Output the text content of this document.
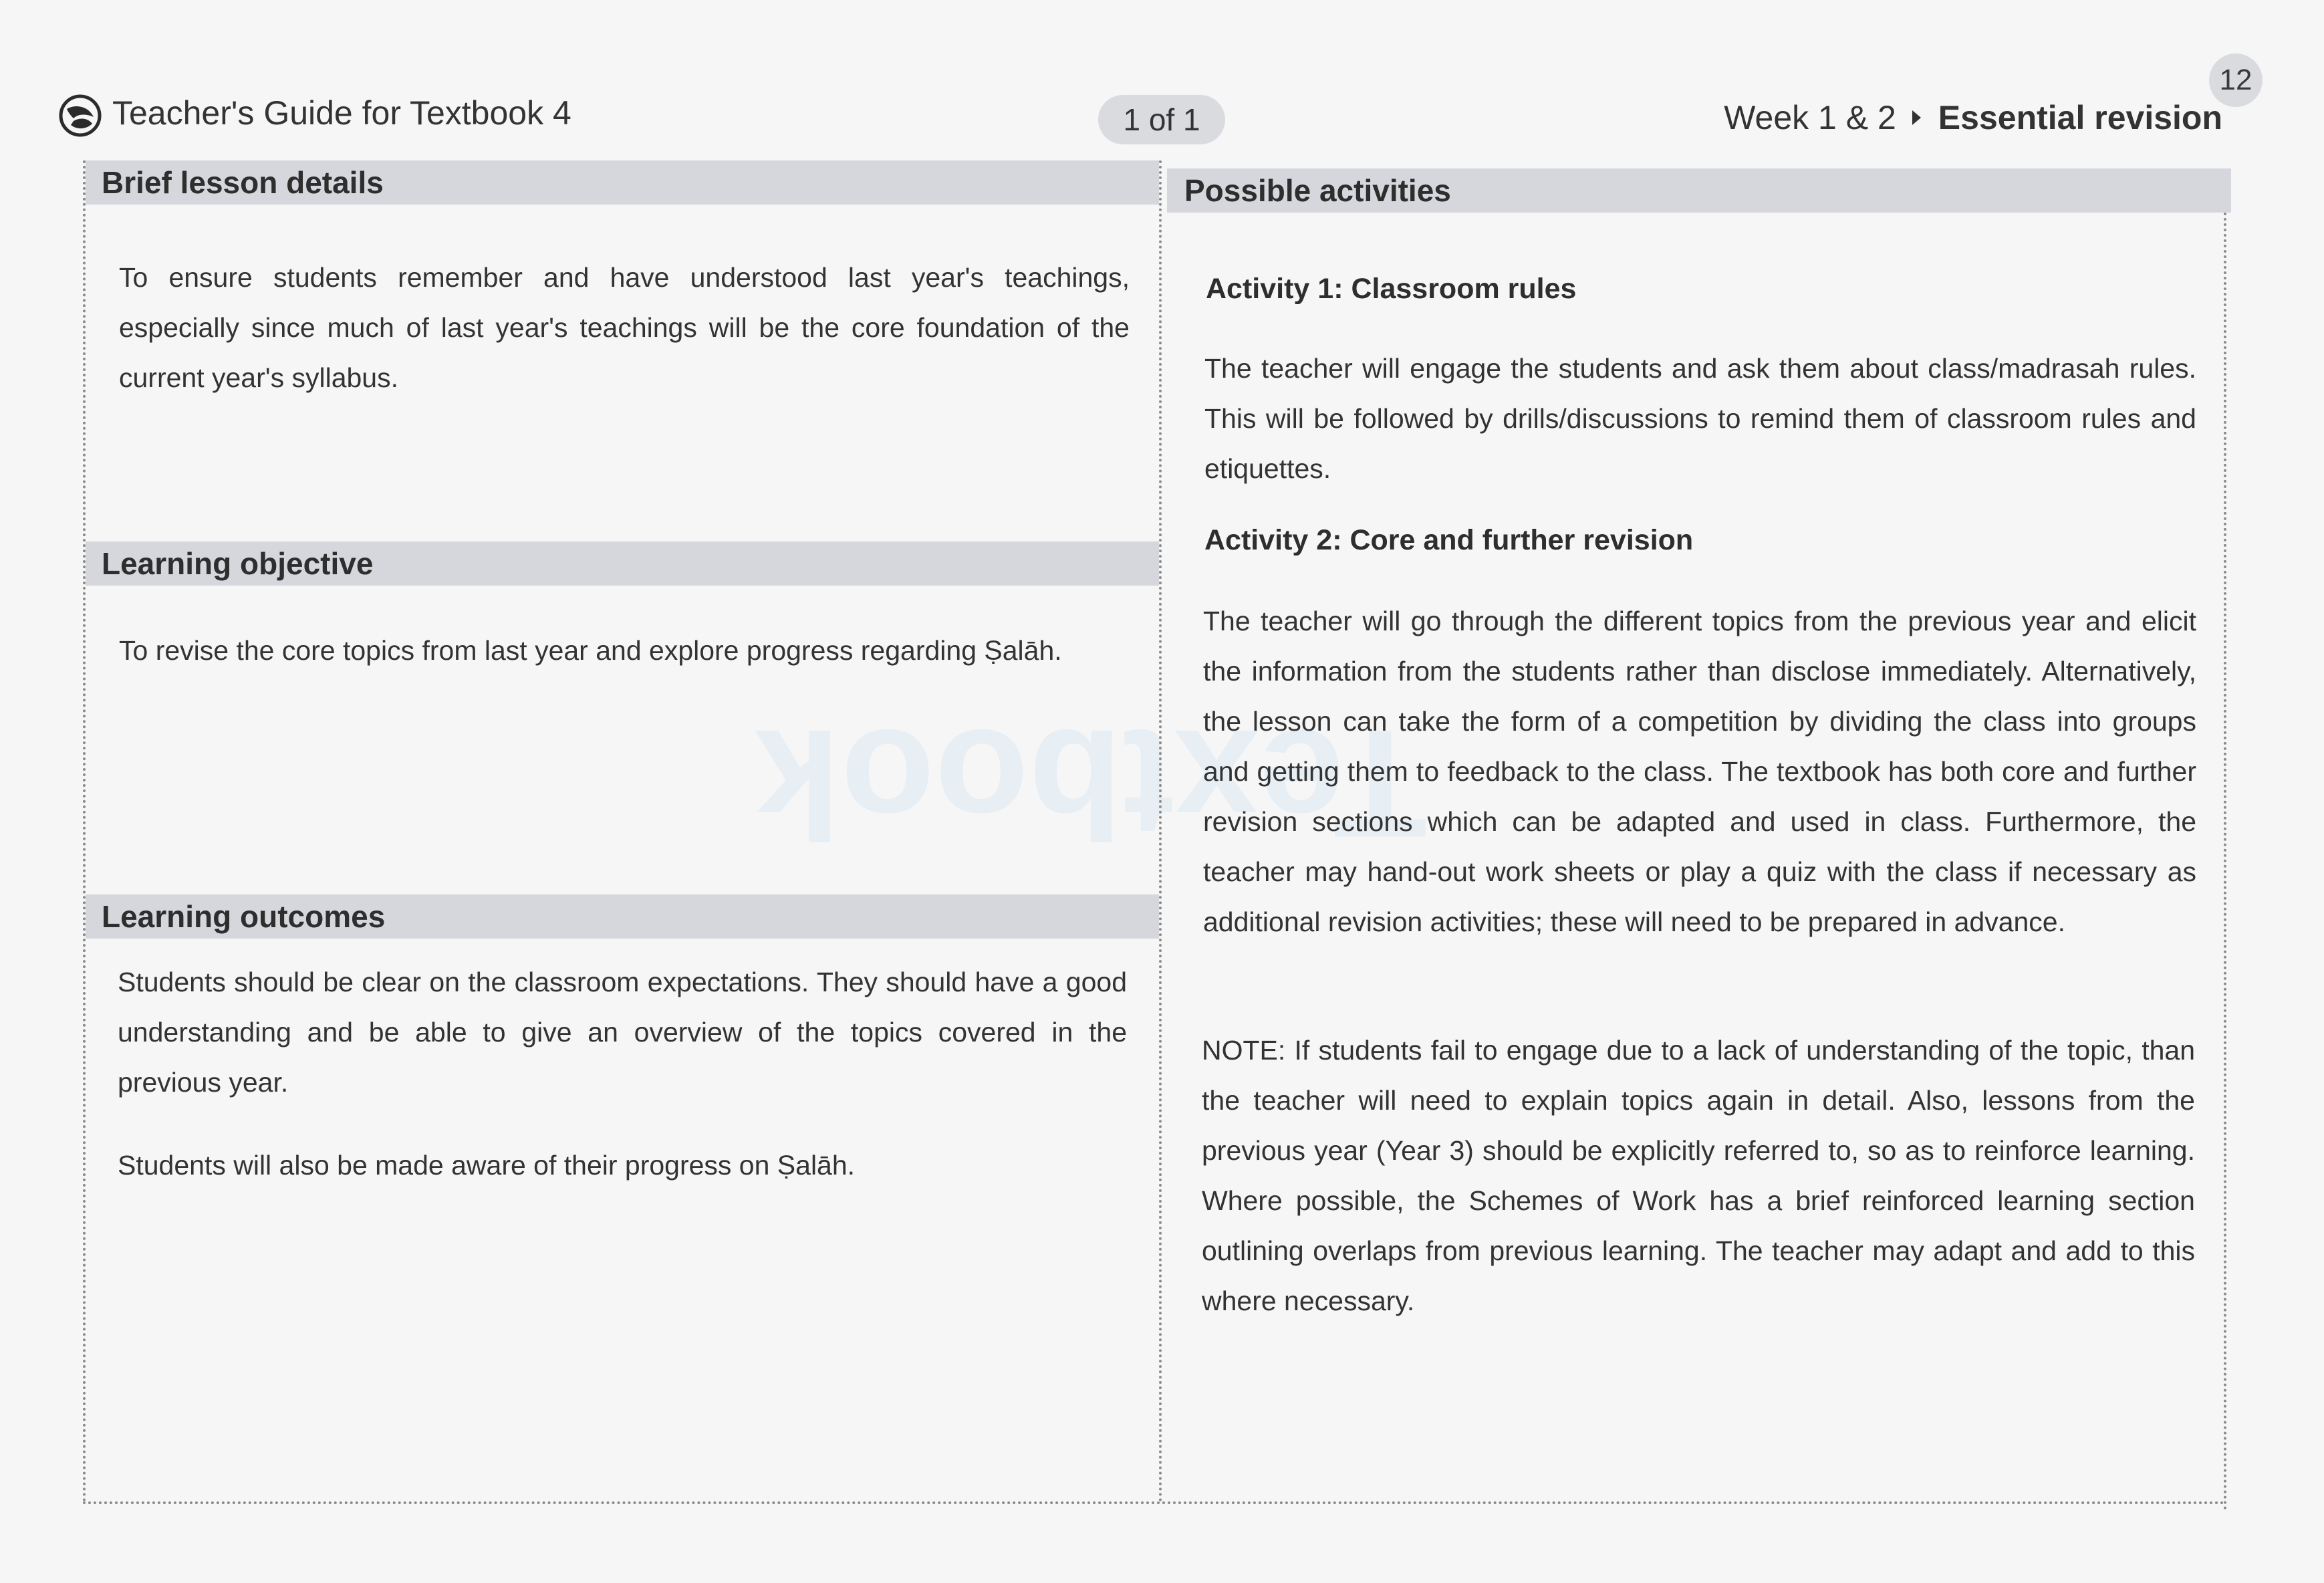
Textbook
12
Teacher's Guide for Textbook 4	1 of 1	Week 1 & 2 Essential revision
Brief lesson details

To ensure students remember and have understood last year's teachings, especially since much of last year's teachings will be the core foundation of the current year's syllabus.

Learning objective

To revise the core topics from last year and explore progress regarding Ṣalāh.

Learning outcomes

Students should be clear on the classroom expectations. They should have a good understanding and be able to give an overview of the topics covered in the previous year.

Students will also be made aware of their progress on Ṣalāh.

Possible activities

Activity 1: Classroom rules

The teacher will engage the students and ask them about class/madrasah rules. This will be followed by drills/discussions to remind them of classroom rules and etiquettes.

Activity 2: Core and further revision

The teacher will go through the different topics from the previous year and elicit the information from the students rather than disclose immediately. Alternatively, the lesson can take the form of a competition by dividing the class into groups and getting them to feedback to the class. The textbook has both core and further revision sections which can be adapted and used in class. Furthermore, the teacher may hand-out work sheets or play a quiz with the class if necessary as additional revision activities; these will need to be prepared in advance.

NOTE: If students fail to engage due to a lack of understanding of the topic, than the teacher will need to explain topics again in detail. Also, lessons from the previous year (Year 3) should be explicitly referred to, so as to reinforce learning. Where possible, the Schemes of Work has a brief reinforced learning section outlining overlaps from previous learning. The teacher may adapt and add to this where necessary.
